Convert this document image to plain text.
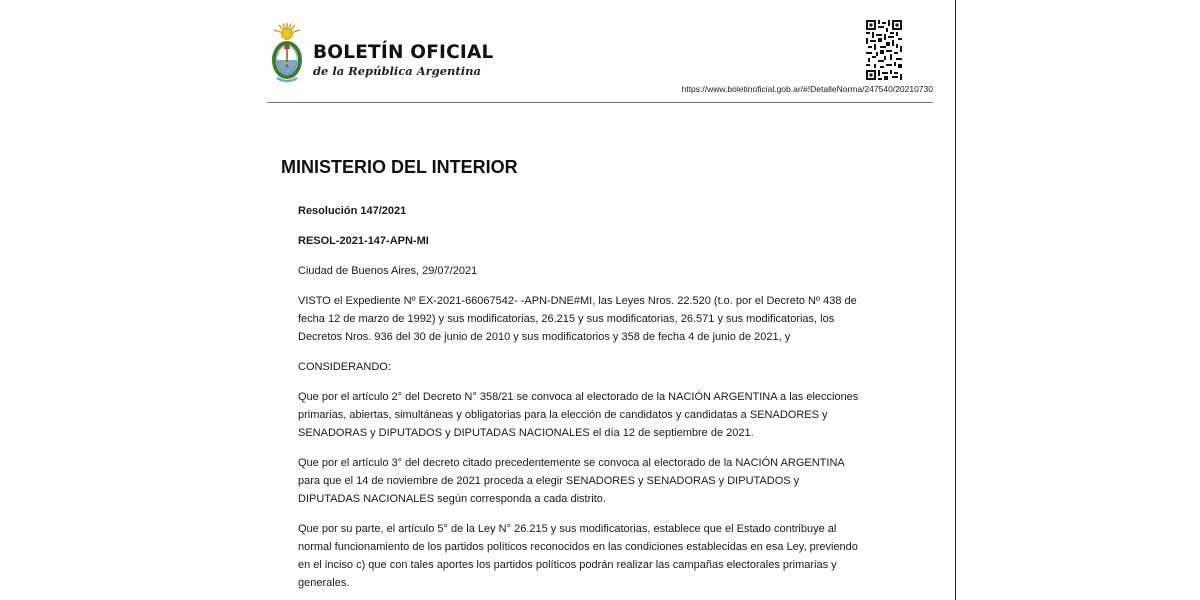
BOLETÍN OFICIAL
de la República Argentina
https://www.boletinoficial.gob.ar/#!DetalleNorma/247540/20210730
MINISTERIO DEL INTERIOR

Resolución 147/2021

RESOL-2021-147-APN-MI

Ciudad de Buenos Aires, 29/07/2021

VISTO el Expediente Nº EX-2021-66067542- -APN-DNE#MI, las Leyes Nros. 22.520 (t.o. por el Decreto Nº 438 de

fecha 12 de marzo de 1992) y sus modificatorias, 26.215 y sus modificatorias, 26.571 y sus modificatorias, los

Decretos Nros. 936 del 30 de junio de 2010 y sus modificatorios y 358 de fecha 4 de junio de 2021, y

CONSIDERANDO:

Que por el artículo 2° del Decreto N° 358/21 se convoca al electorado de la NACIÓN ARGENTINA a las elecciones

primarias, abiertas, simultáneas y obligatorias para la elección de candidatos y candidatas a SENADORES y

SENADORAS y DIPUTADOS y DIPUTADAS NACIONALES el día 12 de septiembre de 2021.

Que por el artículo 3° del decreto citado precedentemente se convoca al electorado de la NACIÓN ARGENTINA

para que el 14 de noviembre de 2021 proceda a elegir SENADORES y SENADORAS y DIPUTADOS y

DIPUTADAS NACIONALES según corresponda a cada distrito.

Que por su parte, el artículo 5° de la Ley N° 26.215 y sus modificatorias, establece que el Estado contribuye al

normal funcionamiento de los partidos políticos reconocidos en las condiciones establecidas en esa Ley, previendo

en el inciso c) que con tales aportes los partidos políticos podrán realizar las campañas electorales primarias y

generales.
